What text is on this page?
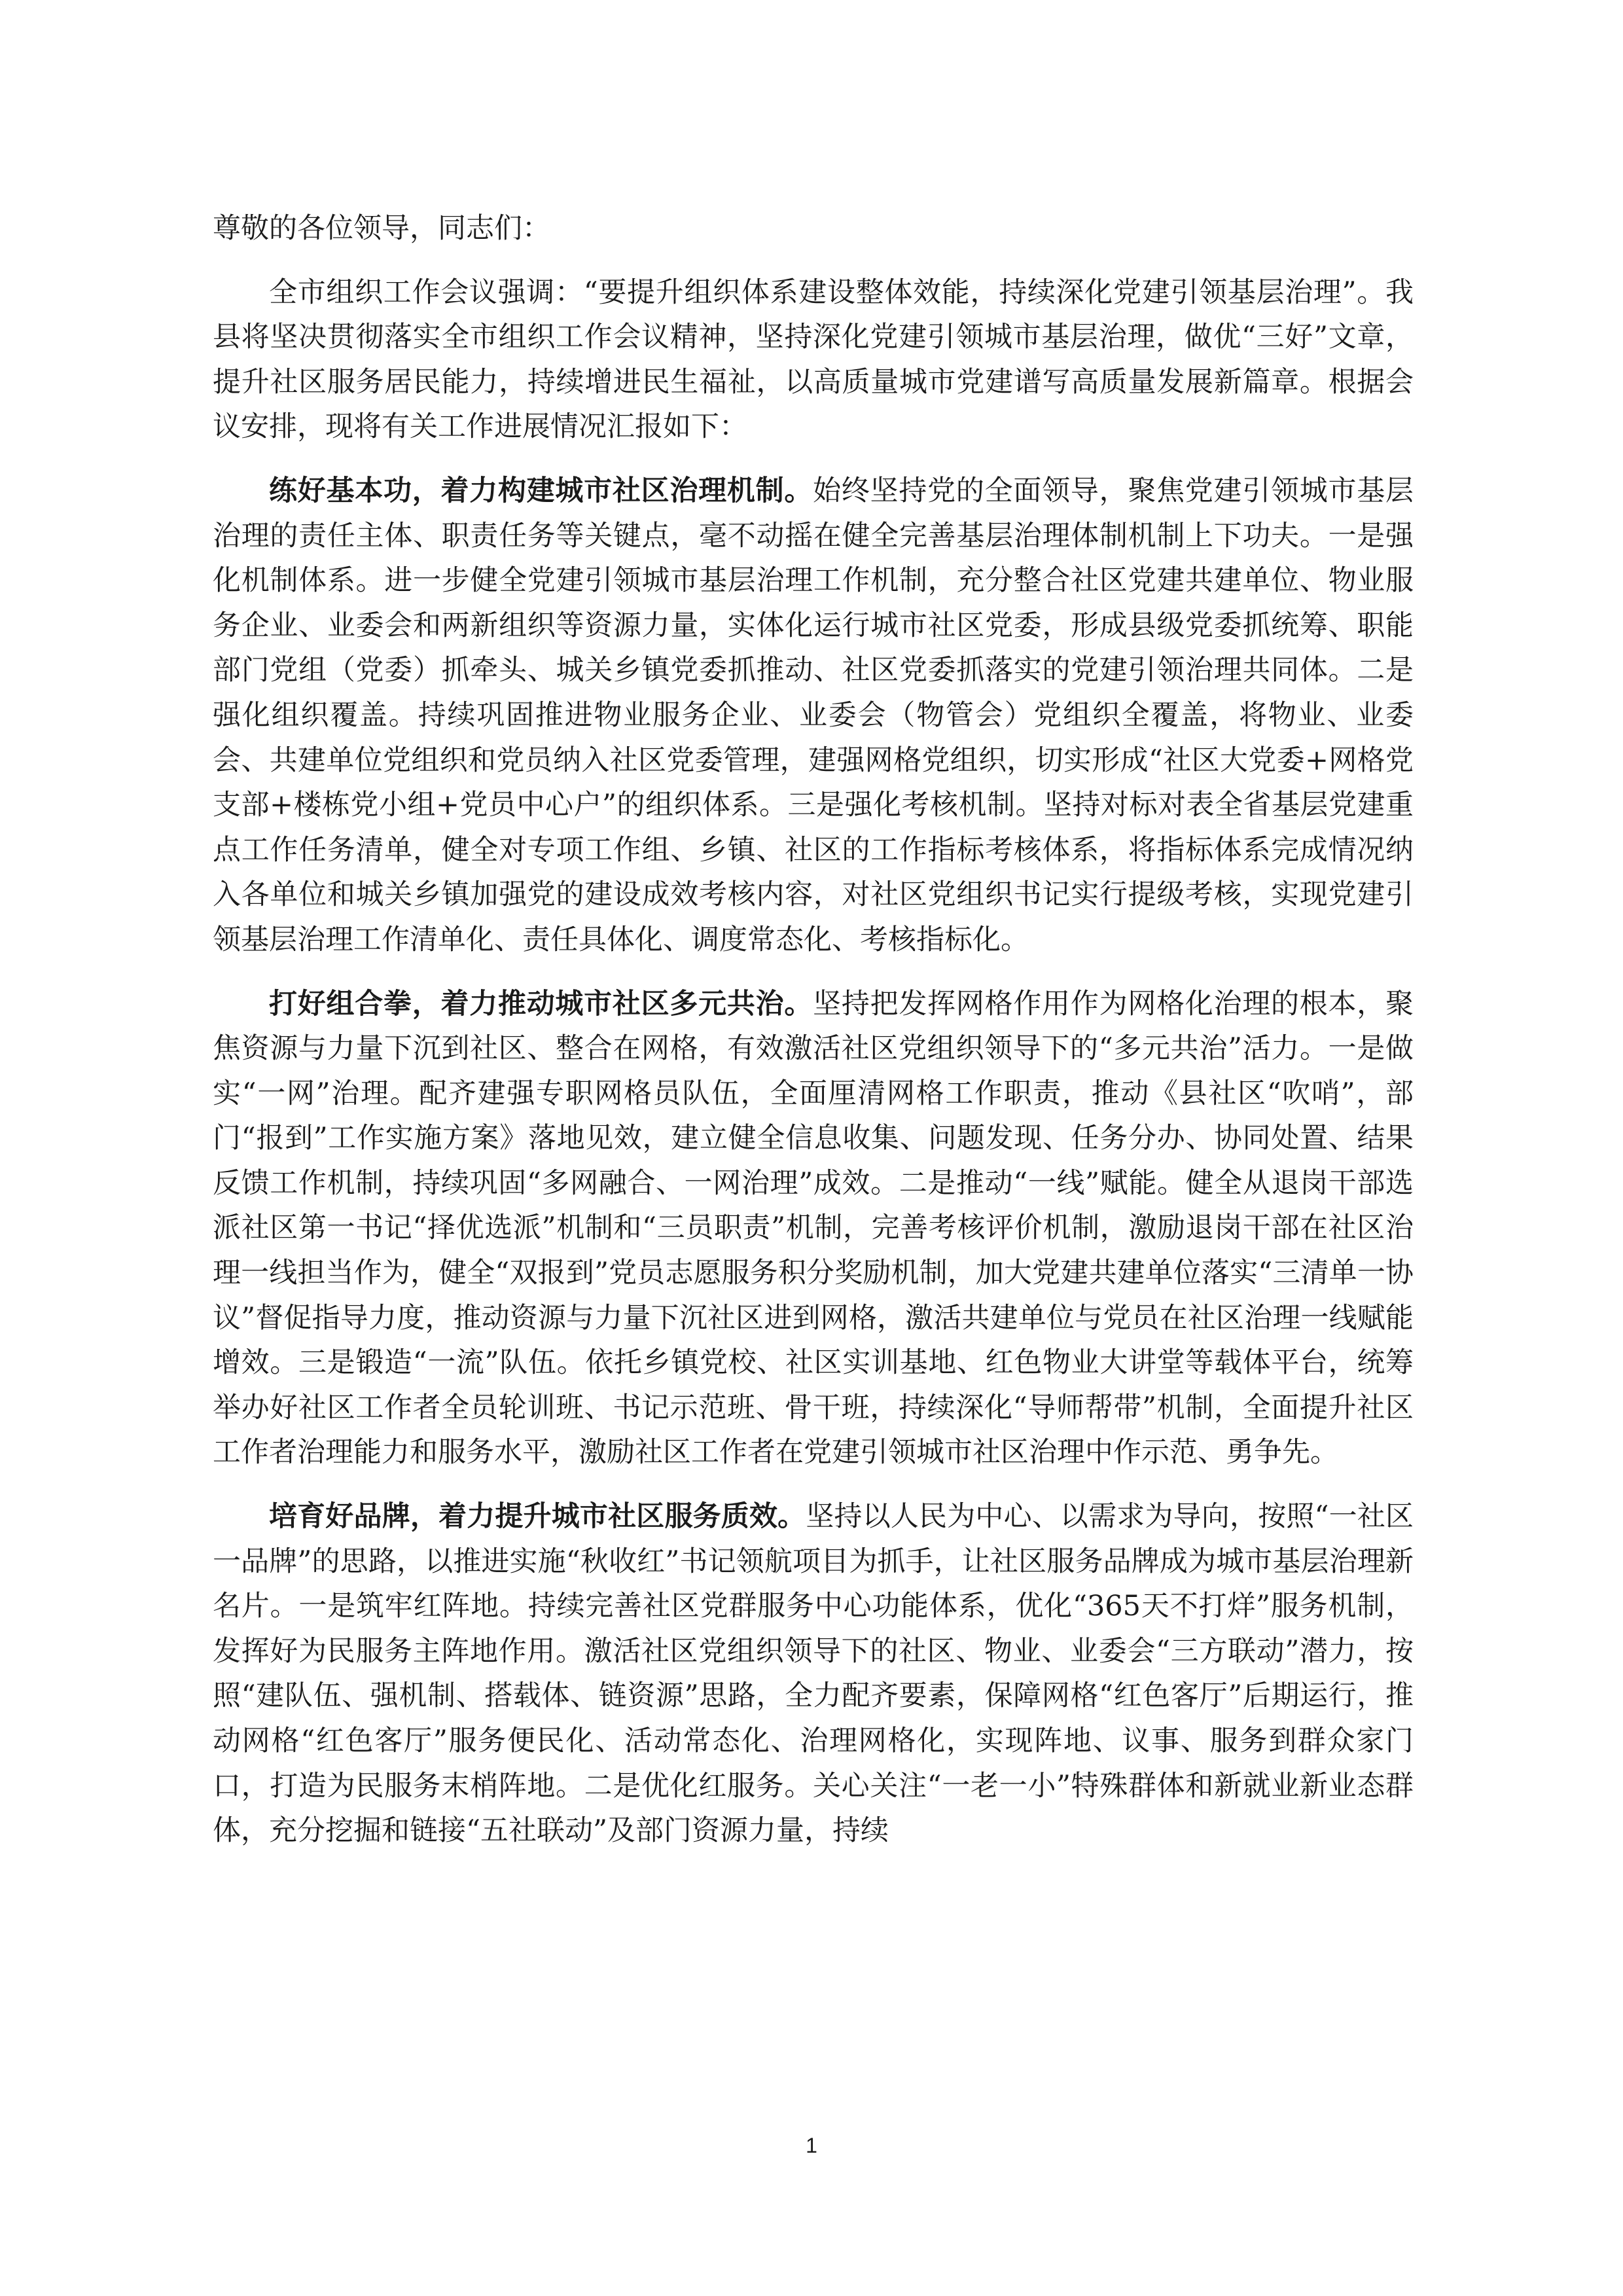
尊敬的各位领导，同志们：
全市组织工作会议强调：“要提升组织体系建设整体效能，持续深化党建引领基层治理”。我县将坚决贯彻落实全市组织工作会议精神，坚持深化党建引领城市基层治理，做优“三好”文章，提升社区服务居民能力，持续增进民生福祉，以高质量城市党建谱写高质量发展新篇章。根据会议安排，现将有关工作进展情况汇报如下：
练好基本功，着力构建城市社区治理机制。始终坚持党的全面领导，聚焦党建引领城市基层治理的责任主体、职责任务等关键点，毫不动摇在健全完善基层治理体制机制上下功夫。一是强化机制体系。进一步健全党建引领城市基层治理工作机制，充分整合社区党建共建单位、物业服务企业、业委会和两新组织等资源力量，实体化运行城市社区党委，形成县级党委抓统筹、职能部门党组（党委）抓牵头、城关乡镇党委抓推动、社区党委抓落实的党建引领治理共同体。二是强化组织覆盖。持续巩固推进物业服务企业、业委会（物管会）党组织全覆盖，将物业、业委会、共建单位党组织和党员纳入社区党委管理，建强网格党组织，切实形成“社区大党委+网格党支部+楼栋党小组+党员中心户”的组织体系。三是强化考核机制。坚持对标对表全省基层党建重点工作任务清单，健全对专项工作组、乡镇、社区的工作指标考核体系，将指标体系完成情况纳入各单位和城关乡镇加强党的建设成效考核内容，对社区党组织书记实行提级考核，实现党建引领基层治理工作清单化、责任具体化、调度常态化、考核指标化。
打好组合拳，着力推动城市社区多元共治。坚持把发挥网格作用作为网格化治理的根本，聚焦资源与力量下沉到社区、整合在网格，有效激活社区党组织领导下的“多元共治”活力。一是做实“一网”治理。配齐建强专职网格员队伍，全面厘清网格工作职责，推动《县社区“吹哨”，部门“报到”工作实施方案》落地见效，建立健全信息收集、问题发现、任务分办、协同处置、结果反馈工作机制，持续巩固“多网融合、一网治理”成效。二是推动“一线”赋能。健全从退岗干部选派社区第一书记“择优选派”机制和“三员职责”机制，完善考核评价机制，激励退岗干部在社区治理一线担当作为，健全“双报到”党员志愿服务积分奖励机制，加大党建共建单位落实“三清单一协议”督促指导力度，推动资源与力量下沉社区进到网格，激活共建单位与党员在社区治理一线赋能增效。三是锻造“一流”队伍。依托乡镇党校、社区实训基地、红色物业大讲堂等载体平台，统筹举办好社区工作者全员轮训班、书记示范班、骨干班，持续深化“导师帮带”机制，全面提升社区工作者治理能力和服务水平，激励社区工作者在党建引领城市社区治理中作示范、勇争先。
培育好品牌，着力提升城市社区服务质效。坚持以人民为中心、以需求为导向，按照“一社区一品牌”的思路，以推进实施“秋收红”书记领航项目为抓手，让社区服务品牌成为城市基层治理新名片。一是筑牢红阵地。持续完善社区党群服务中心功能体系，优化“365天不打烊”服务机制，发挥好为民服务主阵地作用。激活社区党组织领导下的社区、物业、业委会“三方联动”潜力，按照“建队伍、强机制、搭载体、链资源”思路，全力配齐要素，保障网格“红色客厅”后期运行，推动网格“红色客厅”服务便民化、活动常态化、治理网格化，实现阵地、议事、服务到群众家门口，打造为民服务末梢阵地。二是优化红服务。关心关注“一老一小”特殊群体和新就业新业态群体，充分挖掘和链接“五社联动”及部门资源力量，持续
1
